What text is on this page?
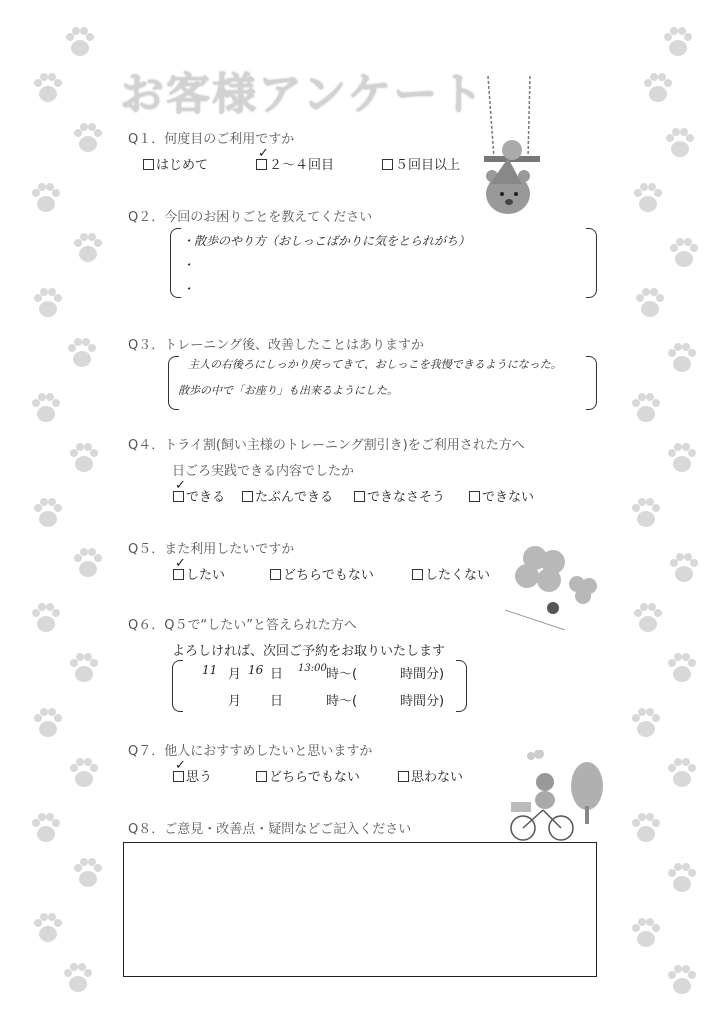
お客様アンケート
Q１．何度目のご利用ですか
はじめて	２～４回目
✓
５回目以上
Q２．今回のお困りごとを教えてください
・散歩のやり方（おしっこばかりに気をとられがち）
・
・
Q３．トレーニング後、改善したことはありますか
主人の右後ろにしっかり戻ってきて、おしっこを我慢できるようになった。
散歩の中で「お座り」も出来るようにした。
Q４．トライ割(飼い主様のトレーニング割引き)をご利用された方へ
日ごろ実践できる内容でしたか
できる
✓
たぶんできる	できなさそう	できない
Q５．また利用したいですか
したい
✓
どちらでもない	したくない
Q６．Q５で“したい”と答えられた方へ
よろしければ、次回ご予約をお取りいたします
11 月 16 日 13:00 時～(	時間分)
月 日	時～(	時間分)
Q７．他人におすすめしたいと思いますか
思う
✓
どちらでもない	思わない
Q８．ご意見・改善点・疑問などご記入ください
